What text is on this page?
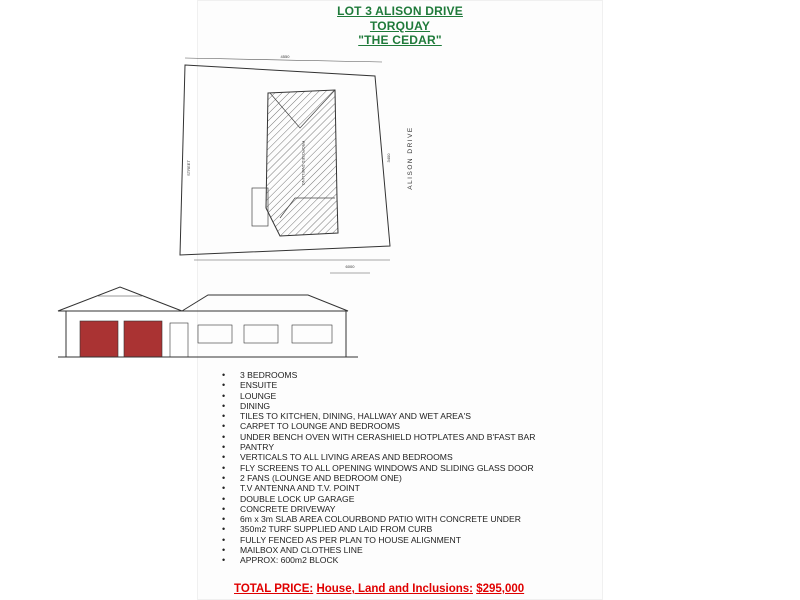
LOT 3 ALISON DRIVE
TORQUAY
"THE CEDAR"
4550
STREET
3400
6000
PROPOSED DWELLING	ALISON DRIVE
• 3 BEDROOMS
• ENSUITE
• LOUNGE
• DINING
• TILES TO KITCHEN, DINING, HALLWAY AND WET AREA'S
• CARPET TO LOUNGE AND BEDROOMS
• UNDER BENCH OVEN WITH CERASHIELD HOTPLATES AND B'FAST BAR
• PANTRY
• VERTICALS TO ALL LIVING AREAS AND BEDROOMS
• FLY SCREENS TO ALL OPENING WINDOWS AND SLIDING GLASS DOOR
• 2 FANS (LOUNGE AND BEDROOM ONE)
• T.V ANTENNA AND T.V. POINT
• DOUBLE LOCK UP GARAGE
• CONCRETE DRIVEWAY
• 6m x 3m SLAB AREA COLOURBOND PATIO WITH CONCRETE UNDER
• 350m2 TURF SUPPLIED AND LAID FROM CURB
• FULLY FENCED AS PER PLAN TO HOUSE ALIGNMENT
• MAILBOX AND CLOTHES LINE
• APPROX: 600m2 BLOCK
TOTAL PRICE: House, Land and Inclusions: $295,000
